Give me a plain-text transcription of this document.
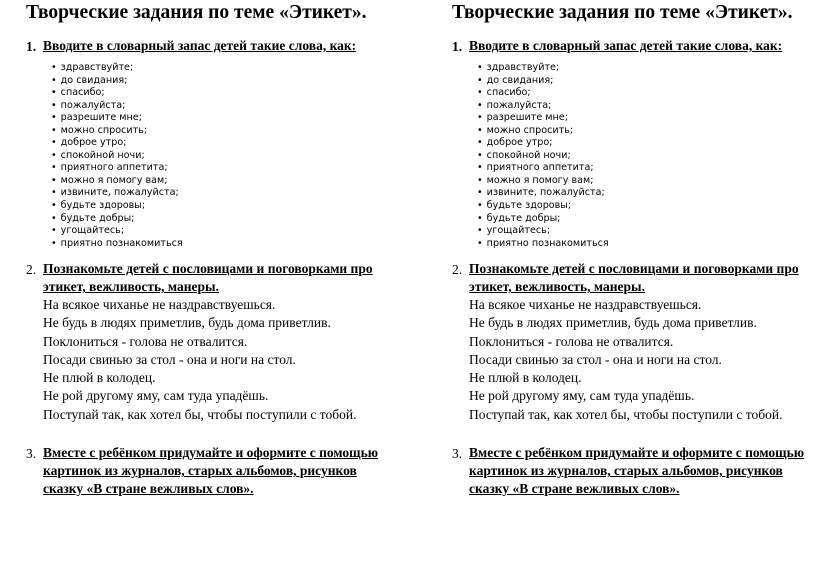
Творческие задания по теме «Этикет».
1. Вводите в словарный запас детей такие слова, как:
• здравствуйте;
• до свидания;
• спасибо;
• пожалуйста;
• разрешите мне;
• можно спросить;
• доброе утро;
• спокойной ночи;
• приятного аппетита;
• можно я помогу вам;
• извините, пожалуйста;
• будьте здоровы;
• будьте добры;
• угощайтесь;
• приятно познакомиться
2. Познакомьте детей с пословицами и поговорками про
этикет, вежливость, манеры.
На всякое чиханье не наздравствуешься.
Не будь в людях приметлив, будь дома приветлив.
Поклониться - голова не отвалится.
Посади свинью за стол - она и ноги на стол.
Не плюй в колодец.
Не рой другому яму, сам туда упадёшь.
Поступай так, как хотел бы, чтобы поступили с тобой.
3. Вместе с ребёнком придумайте и оформите с помощью
картинок из журналов, старых альбомов, рисунков
сказку «В стране вежливых слов».
Творческие задания по теме «Этикет».
1. Вводите в словарный запас детей такие слова, как:
• здравствуйте;
• до свидания;
• спасибо;
• пожалуйста;
• разрешите мне;
• можно спросить;
• доброе утро;
• спокойной ночи;
• приятного аппетита;
• можно я помогу вам;
• извините, пожалуйста;
• будьте здоровы;
• будьте добры;
• угощайтесь;
• приятно познакомиться
2. Познакомьте детей с пословицами и поговорками про
этикет, вежливость, манеры.
На всякое чиханье не наздравствуешься.
Не будь в людях приметлив, будь дома приветлив.
Поклониться - голова не отвалится.
Посади свинью за стол - она и ноги на стол.
Не плюй в колодец.
Не рой другому яму, сам туда упадёшь.
Поступай так, как хотел бы, чтобы поступили с тобой.
3. Вместе с ребёнком придумайте и оформите с помощью
картинок из журналов, старых альбомов, рисунков
сказку «В стране вежливых слов».
